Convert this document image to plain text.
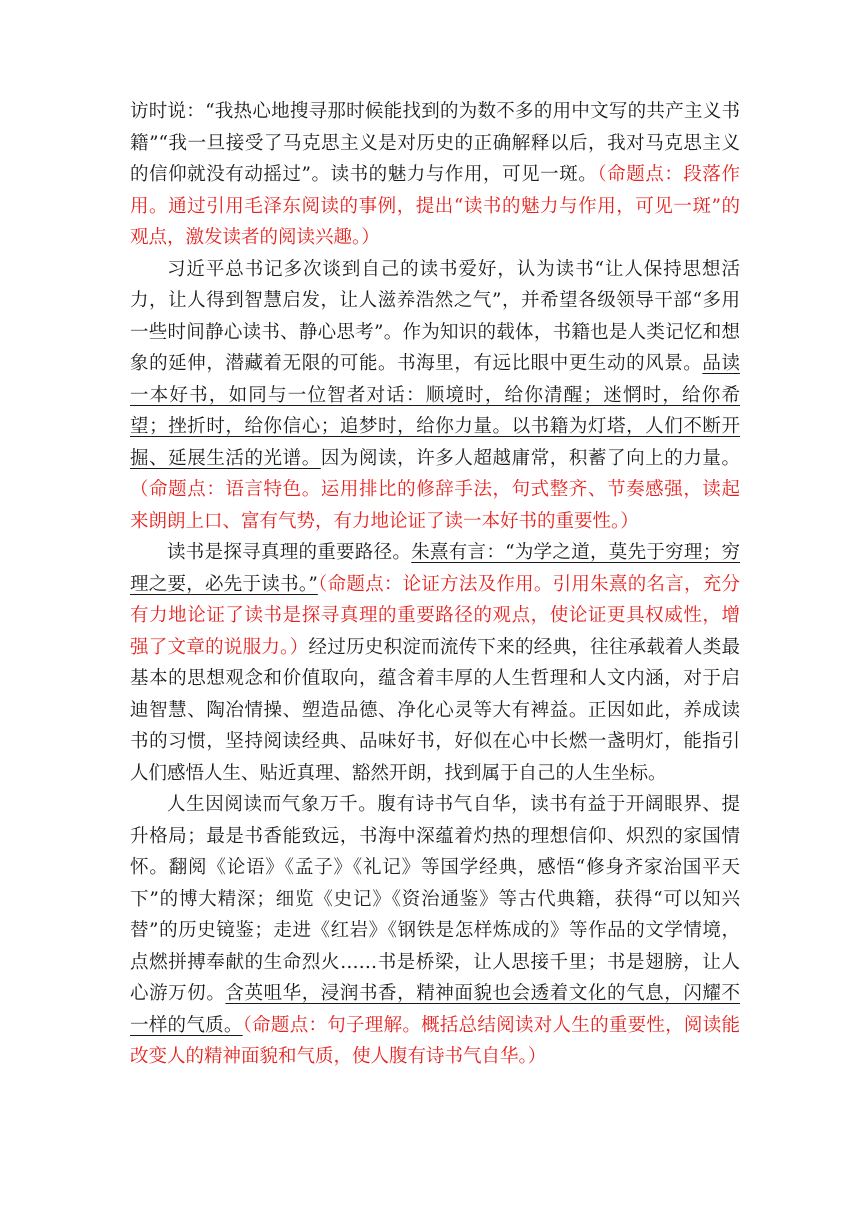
访时说：“我热心地搜寻那时候能找到的为数不多的用中文写的共产主义书籍”“我一旦接受了马克思主义是对历史的正确解释以后，我对马克思主义的信仰就没有动摇过”。读书的魅力与作用，可见一斑。（命题点：段落作用。通过引用毛泽东阅读的事例，提出“读书的魅力与作用，可见一斑”的观点，激发读者的阅读兴趣。）

习近平总书记多次谈到自己的读书爱好，认为读书“让人保持思想活力，让人得到智慧启发，让人滋养浩然之气”，并希望各级领导干部“多用一些时间静心读书、静心思考”。作为知识的载体，书籍也是人类记忆和想象的延伸，潜藏着无限的可能。书海里，有远比眼中更生动的风景。品读一本好书，如同与一位智者对话：顺境时，给你清醒；迷惘时，给你希望；挫折时，给你信心；追梦时，给你力量。以书籍为灯塔，人们不断开掘、延展生活的光谱。因为阅读，许多人超越庸常，积蓄了向上的力量。（命题点：语言特色。运用排比的修辞手法，句式整齐、节奏感强，读起来朗朗上口、富有气势，有力地论证了读一本好书的重要性。）

读书是探寻真理的重要路径。朱熹有言：“为学之道，莫先于穷理；穷理之要，必先于读书。”（命题点：论证方法及作用。引用朱熹的名言，充分有力地论证了读书是探寻真理的重要路径的观点，使论证更具权威性，增强了文章的说服力。）经过历史积淀而流传下来的经典，往往承载着人类最基本的思想观念和价值取向，蕴含着丰厚的人生哲理和人文内涵，对于启迪智慧、陶冶情操、塑造品德、净化心灵等大有裨益。正因如此，养成读书的习惯，坚持阅读经典、品味好书，好似在心中长燃一盏明灯，能指引人们感悟人生、贴近真理、豁然开朗，找到属于自己的人生坐标。

人生因阅读而气象万千。腹有诗书气自华，读书有益于开阔眼界、提升格局；最是书香能致远，书海中深蕴着灼热的理想信仰、炽烈的家国情怀。翻阅《论语》《孟子》《礼记》等国学经典，感悟“修身齐家治国平天下”的博大精深；细览《史记》《资治通鉴》等古代典籍，获得“可以知兴替”的历史镜鉴；走进《红岩》《钢铁是怎样炼成的》等作品的文学情境，点燃拼搏奉献的生命烈火……书是桥梁，让人思接千里；书是翅膀，让人心游万仞。含英咀华，浸润书香，精神面貌也会透着文化的气息，闪耀不一样的气质。（命题点：句子理解。概括总结阅读对人生的重要性，阅读能改变人的精神面貌和气质，使人腹有诗书气自华。）
